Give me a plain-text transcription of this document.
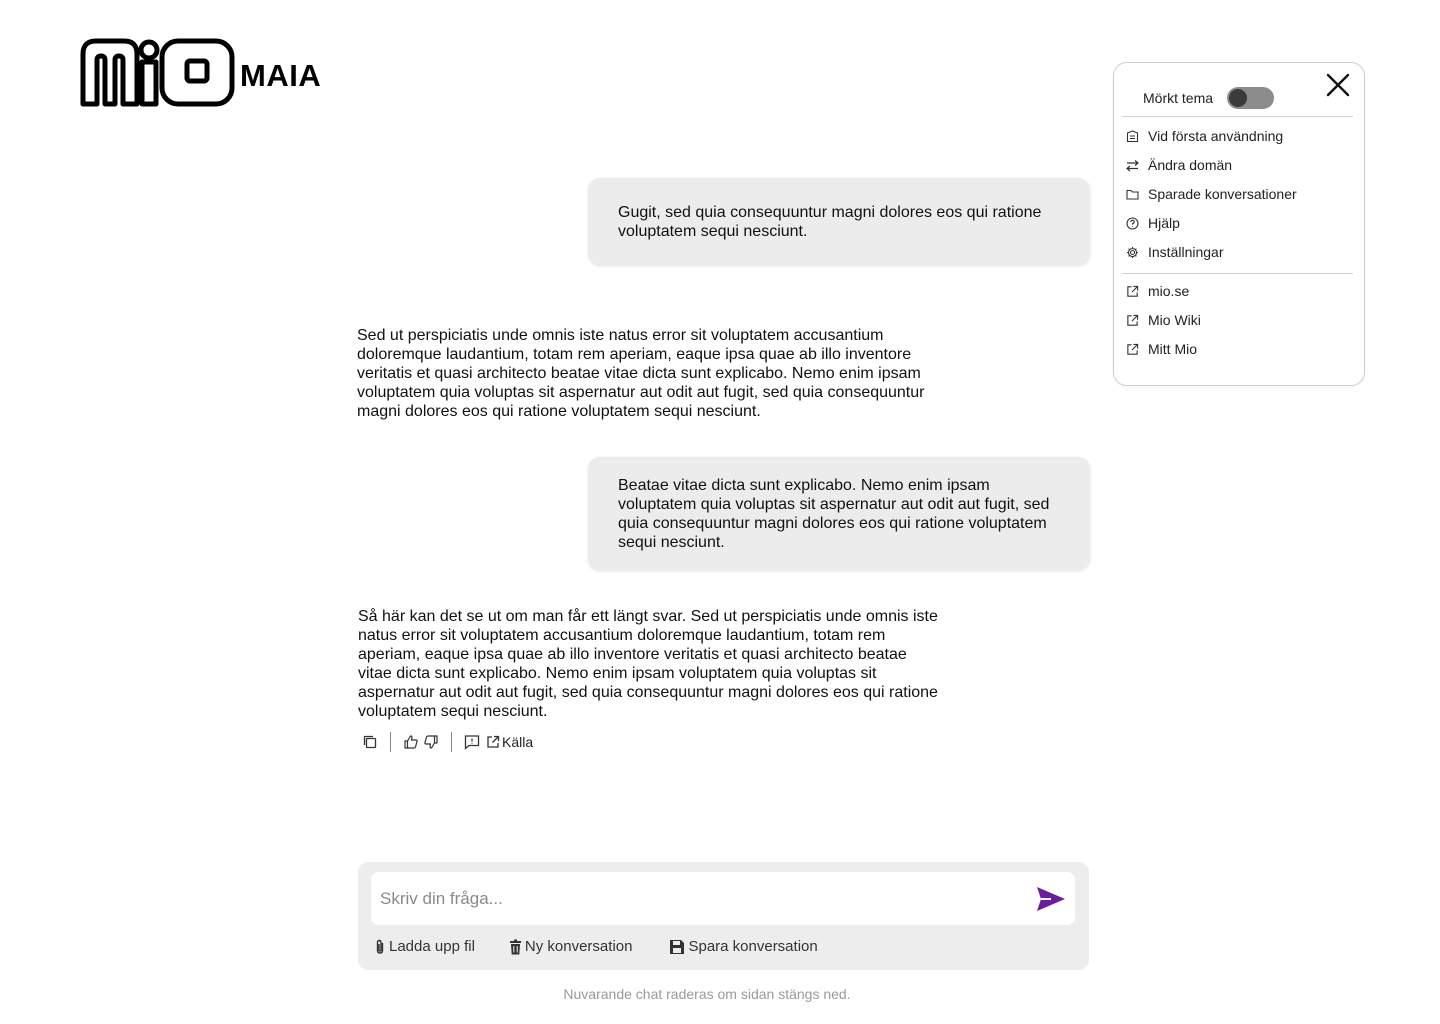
MAIA
Gugit, sed quia consequuntur magni dolores eos qui ratione voluptatem sequi nesciunt.
Sed ut perspiciatis unde omnis iste natus error sit voluptatem accusantium doloremque laudantium, totam rem aperiam, eaque ipsa quae ab illo inventore veritatis et quasi architecto beatae vitae dicta sunt explicabo. Nemo enim ipsam voluptatem quia voluptas sit aspernatur aut odit aut fugit, sed quia consequuntur magni dolores eos qui ratione voluptatem sequi nesciunt.
Beatae vitae dicta sunt explicabo. Nemo enim ipsam voluptatem quia voluptas sit aspernatur aut odit aut fugit, sed quia consequuntur magni dolores eos qui ratione voluptatem sequi nesciunt.
Så här kan det se ut om man får ett längt svar. Sed ut perspiciatis unde omnis iste natus error sit voluptatem accusantium doloremque laudantium, totam rem aperiam, eaque ipsa quae ab illo inventore veritatis et quasi architecto beatae vitae dicta sunt explicabo. Nemo enim ipsam voluptatem quia voluptas sit aspernatur aut odit aut fugit, sed quia consequuntur magni dolores eos qui ratione voluptatem sequi nesciunt.
Källa
Skriv din fråga...
Ladda upp fil	Ny konversation	Spara konversation
Nuvarande chat raderas om sidan stängs ned.
Mörkt tema
Vid första användning
Ändra domän
Sparade konversationer
Hjälp
Inställningar
mio.se
Mio Wiki
Mitt Mio
